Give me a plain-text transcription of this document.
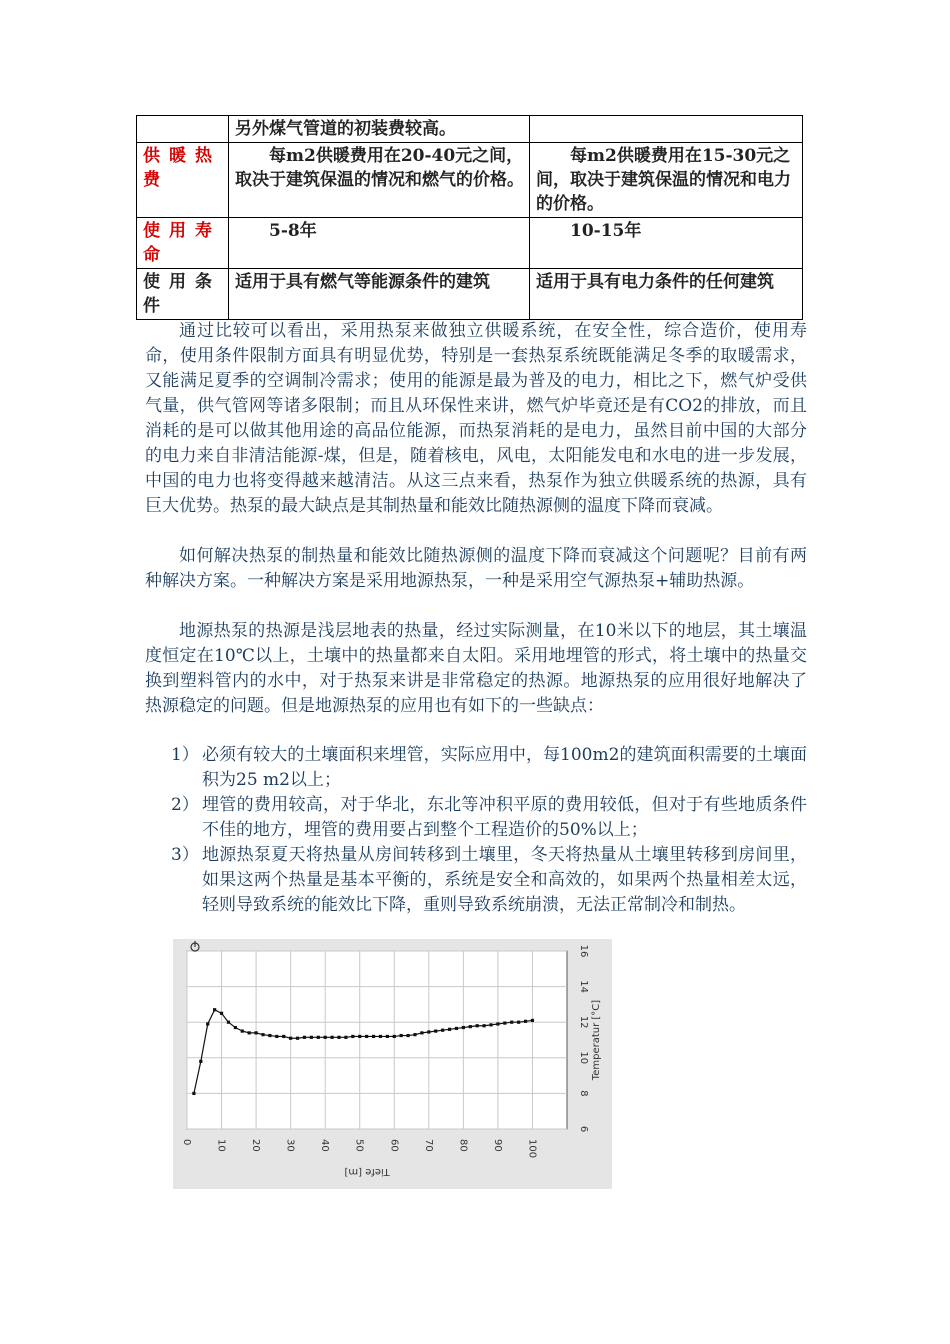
	另外煤气管道的初装费较高。	
供暖热费	每m2供暖费用在20-40元之间，取决于建筑保温的情况和燃气的价格。	每m2供暖费用在15-30元之间，取决于建筑保温的情况和电力的价格。
使用寿命	5-8年	10-15年
使用条件	适用于具有燃气等能源条件的建筑	适用于具有电力条件的任何建筑

通过比较可以看出，采用热泵来做独立供暖系统，在安全性，综合造价，使用寿命，使用条件限制方面具有明显优势，特别是一套热泵系统既能满足冬季的取暖需求，又能满足夏季的空调制冷需求；使用的能源是最为普及的电力，相比之下，燃气炉受供气量，供气管网等诸多限制；而且从环保性来讲，燃气炉毕竟还是有CO2的排放，而且消耗的是可以做其他用途的高品位能源，而热泵消耗的是电力，虽然目前中国的大部分的电力来自非清洁能源-煤，但是，随着核电，风电，太阳能发电和水电的进一步发展，中国的电力也将变得越来越清洁。从这三点来看，热泵作为独立供暖系统的热源，具有巨大优势。热泵的最大缺点是其制热量和能效比随热源侧的温度下降而衰减。

如何解决热泵的制热量和能效比随热源侧的温度下降而衰减这个问题呢？目前有两种解决方案。一种解决方案是采用地源热泵，一种是采用空气源热泵+辅助热源。

地源热泵的热源是浅层地表的热量，经过实际测量，在10米以下的地层，其土壤温度恒定在10℃以上，土壤中的热量都来自太阳。采用地埋管的形式，将土壤中的热量交换到塑料管内的水中，对于热泵来讲是非常稳定的热源。地源热泵的应用很好地解决了热源稳定的问题。但是地源热泵的应用也有如下的一些缺点：

1） 必须有较大的土壤面积来埋管，实际应用中，每100m2的建筑面积需要的土壤面积为25 m2以上；
2） 埋管的费用较高，对于华北，东北等冲积平原的费用较低，但对于有些地质条件不佳的地方，埋管的费用要占到整个工程造价的50%以上；
3） 地源热泵夏天将热量从房间转移到土壤里，冬天将热量从土壤里转移到房间里，如果这两个热量是基本平衡的，系统是安全和高效的，如果两个热量相差太远，轻则导致系统的能效比下降，重则导致系统崩溃，无法正常制冷和制热。
0 10 20 30 40 50 60 70 80 90 100
6
8
10
12
14
16
Tiefe [m]
Temperatur [°C]
